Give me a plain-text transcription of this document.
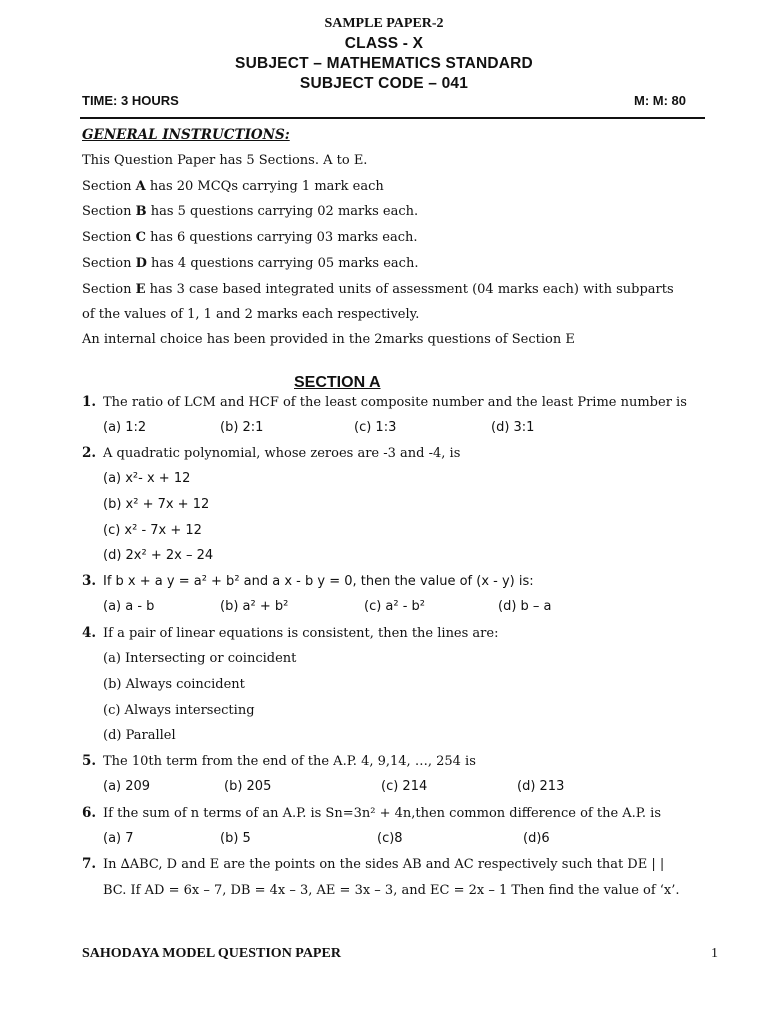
SAMPLE PAPER-2
CLASS - X
SUBJECT – MATHEMATICS STANDARD
SUBJECT CODE – 041
TIME: 3 HOURS	M: M: 80
GENERAL INSTRUCTIONS:
This Question Paper has 5 Sections. A to E.
Section A has 20 MCQs carrying 1 mark each
Section B has 5 questions carrying 02 marks each.
Section C has 6 questions carrying 03 marks each.
Section D has 4 questions carrying 05 marks each.
Section E has 3 case based integrated units of assessment (04 marks each) with subparts
of the values of 1, 1 and 2 marks each respectively.
An internal choice has been provided in the 2marks questions of Section E
SECTION A
1. The ratio of LCM and HCF of the least composite number and the least Prime number is
(a) 1:2	(b) 2:1	(c) 1:3	(d) 3:1
2. A quadratic polynomial, whose zeroes are -3 and -4, is
(a) x²- x + 12
(b) x² + 7x + 12
(c) x² - 7x + 12
(d) 2x² + 2x – 24
3. If b x + a y = a² + b² and a x - b y = 0, then the value of (x - y) is:
(a) a - b	(b) a² + b²	(c) a² - b²	(d) b – a
4. If a pair of linear equations is consistent, then the lines are:
(a) Intersecting or coincident
(b) Always coincident
(c) Always intersecting
(d) Parallel
5. The 10th term from the end of the A.P. 4, 9,14, …, 254 is
(a) 209	(b) 205	(c) 214	(d) 213
6. If the sum of n terms of an A.P. is Sn=3n² + 4n,then common difference of the A.P. is
(a) 7	(b) 5	(c)8	(d)6
7. In ∆ABC, D and E are the points on the sides AB and AC respectively such that DE | |
BC. If AD = 6x – 7, DB = 4x – 3, AE = 3x – 3, and EC = 2x – 1 Then find the value of ‘x’.
SAHODAYA MODEL QUESTION PAPER	1
